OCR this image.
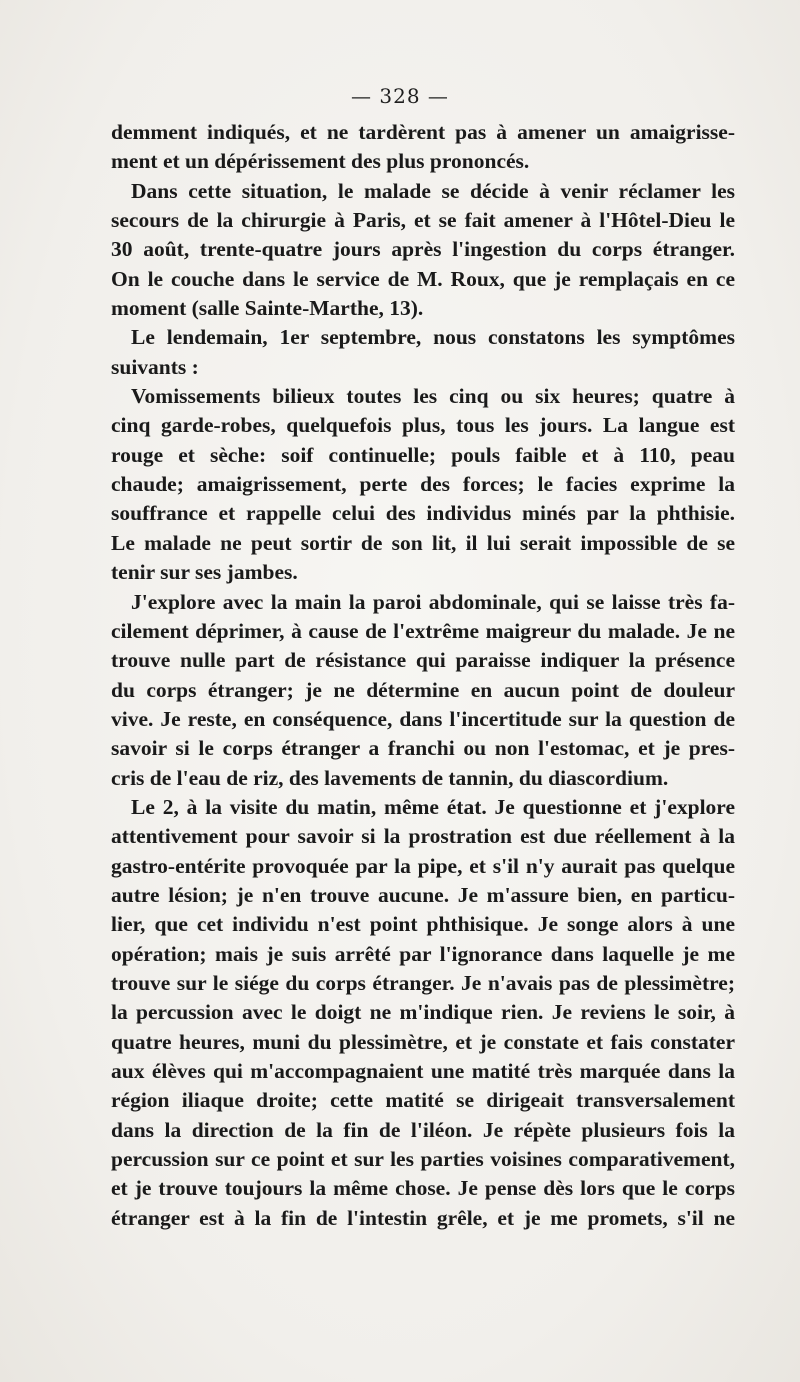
— 328 —
demment indiqués, et ne tardèrent pas à amener un amaigrisse-
ment et un dépérissement des plus prononcés.
Dans cette situation, le malade se décide à venir réclamer les
secours de la chirurgie à Paris, et se fait amener à l'Hôtel-Dieu le
30 août, trente-quatre jours après l'ingestion du corps étranger.
On le couche dans le service de M. Roux, que je remplaçais en ce
moment (salle Sainte-Marthe, 13).
Le lendemain, 1er septembre, nous constatons les symptômes
suivants :
Vomissements bilieux toutes les cinq ou six heures; quatre à
cinq garde-robes, quelquefois plus, tous les jours. La langue est
rouge et sèche: soif continuelle; pouls faible et à 110, peau
chaude; amaigrissement, perte des forces; le facies exprime la
souffrance et rappelle celui des individus minés par la phthisie.
Le malade ne peut sortir de son lit, il lui serait impossible de se
tenir sur ses jambes.
J'explore avec la main la paroi abdominale, qui se laisse très fa-
cilement déprimer, à cause de l'extrême maigreur du malade. Je ne
trouve nulle part de résistance qui paraisse indiquer la présence
du corps étranger; je ne détermine en aucun point de douleur
vive. Je reste, en conséquence, dans l'incertitude sur la question de
savoir si le corps étranger a franchi ou non l'estomac, et je pres-
cris de l'eau de riz, des lavements de tannin, du diascordium.
Le 2, à la visite du matin, même état. Je questionne et j'explore
attentivement pour savoir si la prostration est due réellement à la
gastro-entérite provoquée par la pipe, et s'il n'y aurait pas quelque
autre lésion; je n'en trouve aucune. Je m'assure bien, en particu-
lier, que cet individu n'est point phthisique. Je songe alors à une
opération; mais je suis arrêté par l'ignorance dans laquelle je me
trouve sur le siége du corps étranger. Je n'avais pas de plessimètre;
la percussion avec le doigt ne m'indique rien. Je reviens le soir, à
quatre heures, muni du plessimètre, et je constate et fais constater
aux élèves qui m'accompagnaient une matité très marquée dans la
région iliaque droite; cette matité se dirigeait transversalement
dans la direction de la fin de l'iléon. Je répète plusieurs fois la
percussion sur ce point et sur les parties voisines comparativement,
et je trouve toujours la même chose. Je pense dès lors que le corps
étranger est à la fin de l'intestin grêle, et je me promets, s'il ne
